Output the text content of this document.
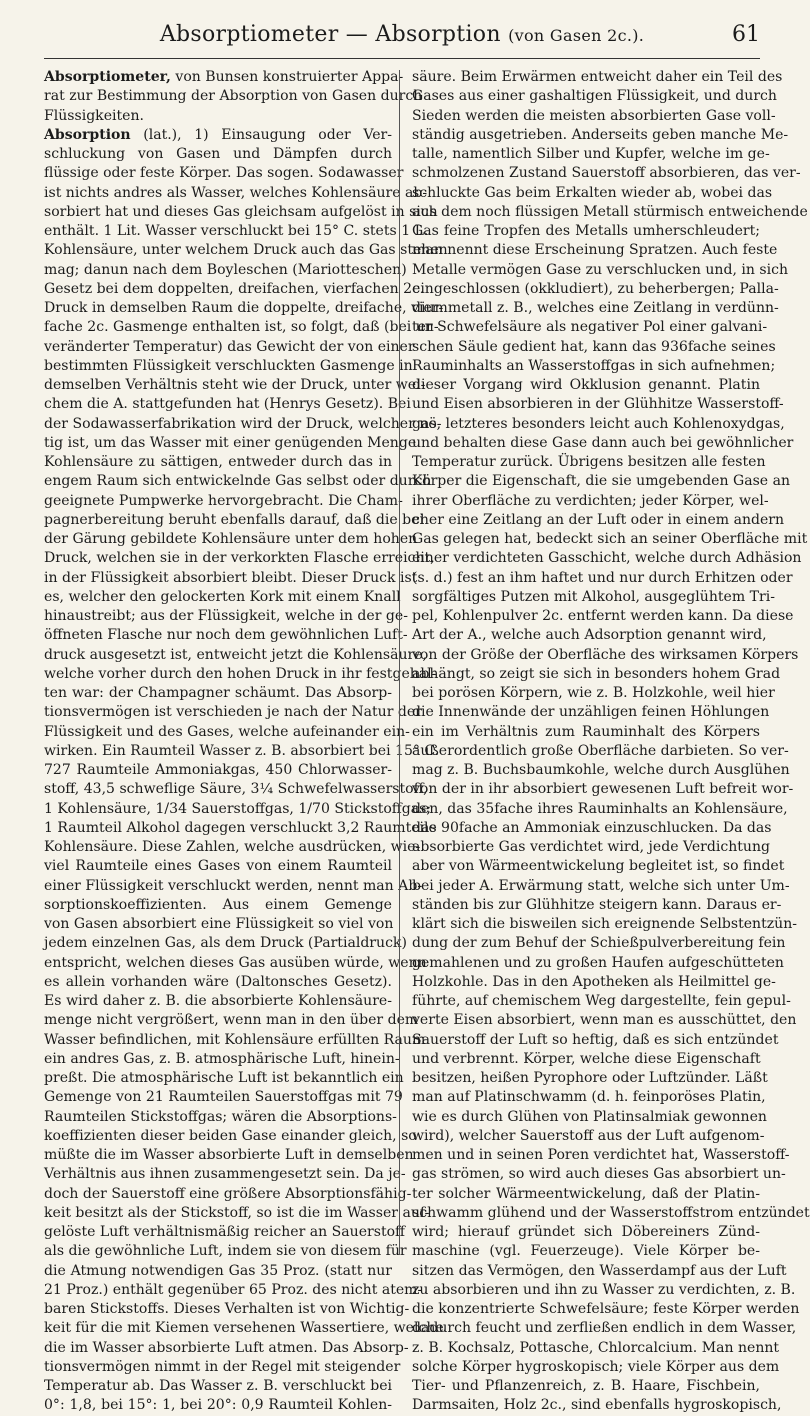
Absorptiometer — Absorption (von Gasen 2c.).	61
Absorptiometer, von Bunsen konstruierter Appa-
rat zur Bestimmung der Absorption von Gasen durch
Flüssigkeiten.
Absorption (lat.), 1) Einsaugung oder Ver-
schluckung von Gasen und Dämpfen durch
flüssige oder feste Körper. Das sogen. Sodawasser
ist nichts andres als Wasser, welches Kohlensäure ab-
sorbiert hat und dieses Gas gleichsam aufgelöst in sich
enthält. 1 Lit. Wasser verschluckt bei 15° C. stets 1 L.
Kohlensäure, unter welchem Druck auch das Gas stehen
mag; danun nach dem Boyleschen (Mariotteschen)
Gesetz bei dem doppelten, dreifachen, vierfachen 2c.
Druck in demselben Raum die doppelte, dreifache, vier-
fache 2c. Gasmenge enthalten ist, so folgt, daß (bei un-
veränderter Temperatur) das Gewicht der von einer
bestimmten Flüssigkeit verschluckten Gasmenge in
demselben Verhältnis steht wie der Druck, unter wel-
chem die A. stattgefunden hat (Henrys Gesetz). Bei
der Sodawasserfabrikation wird der Druck, welcher nö-
tig ist, um das Wasser mit einer genügenden Menge
Kohlensäure zu sättigen, entweder durch das in
engem Raum sich entwickelnde Gas selbst oder durch
geeignete Pumpwerke hervorgebracht. Die Cham-
pagnerbereitung beruht ebenfalls darauf, daß die bei
der Gärung gebildete Kohlensäure unter dem hohen
Druck, welchen sie in der verkorkten Flasche erreicht,
in der Flüssigkeit absorbiert bleibt. Dieser Druck ist
es, welcher den gelockerten Kork mit einem Knall
hinaustreibt; aus der Flüssigkeit, welche in der ge-
öffneten Flasche nur noch dem gewöhnlichen Luft-
druck ausgesetzt ist, entweicht jetzt die Kohlensäure,
welche vorher durch den hohen Druck in ihr festgehal-
ten war: der Champagner schäumt. Das Absorp-
tionsvermögen ist verschieden je nach der Natur der
Flüssigkeit und des Gases, welche aufeinander ein-
wirken. Ein Raumteil Wasser z. B. absorbiert bei 15° C.
727 Raumteile Ammoniakgas, 450 Chlorwasser-
stoff, 43,5 schweflige Säure, 3¼ Schwefelwasserstoff,
1 Kohlensäure, 1/34 Sauerstoffgas, 1/70 Stickstoffgas;
1 Raumteil Alkohol dagegen verschluckt 3,2 Raumteile
Kohlensäure. Diese Zahlen, welche ausdrücken, wie-
viel Raumteile eines Gases von einem Raumteil
einer Flüssigkeit verschluckt werden, nennt man Ab-
sorptionskoeffizienten. Aus einem Gemenge
von Gasen absorbiert eine Flüssigkeit so viel von
jedem einzelnen Gas, als dem Druck (Partialdruck)
entspricht, welchen dieses Gas ausüben würde, wenn
es allein vorhanden wäre (Daltonsches Gesetz).
Es wird daher z. B. die absorbierte Kohlensäure-
menge nicht vergrößert, wenn man in den über dem
Wasser befindlichen, mit Kohlensäure erfüllten Raum
ein andres Gas, z. B. atmosphärische Luft, hinein-
preßt. Die atmosphärische Luft ist bekanntlich ein
Gemenge von 21 Raumteilen Sauerstoffgas mit 79
Raumteilen Stickstoffgas; wären die Absorptions-
koeffizienten dieser beiden Gase einander gleich, so
müßte die im Wasser absorbierte Luft in demselben
Verhältnis aus ihnen zusammengesetzt sein. Da je-
doch der Sauerstoff eine größere Absorptionsfähig-
keit besitzt als der Stickstoff, so ist die im Wasser auf-
gelöste Luft verhältnismäßig reicher an Sauerstoff
als die gewöhnliche Luft, indem sie von diesem für
die Atmung notwendigen Gas 35 Proz. (statt nur
21 Proz.) enthält gegenüber 65 Proz. des nicht atem-
baren Stickstoffs. Dieses Verhalten ist von Wichtig-
keit für die mit Kiemen versehenen Wassertiere, welche
die im Wasser absorbierte Luft atmen. Das Absorp-
tionsvermögen nimmt in der Regel mit steigender
Temperatur ab. Das Wasser z. B. verschluckt bei
0°: 1,8, bei 15°: 1, bei 20°: 0,9 Raumteil Kohlen-
säure. Beim Erwärmen entweicht daher ein Teil des
Gases aus einer gashaltigen Flüssigkeit, und durch
Sieden werden die meisten absorbierten Gase voll-
ständig ausgetrieben. Anderseits geben manche Me-
talle, namentlich Silber und Kupfer, welche im ge-
schmolzenen Zustand Sauerstoff absorbieren, das ver-
schluckte Gas beim Erkalten wieder ab, wobei das
aus dem noch flüssigen Metall stürmisch entweichende
Gas feine Tropfen des Metalls umherschleudert;
man nennt diese Erscheinung Spratzen. Auch feste
Metalle vermögen Gase zu verschlucken und, in sich
eingeschlossen (okkludiert), zu beherbergen; Palla-
diummetall z. B., welches eine Zeitlang in verdünn-
ter Schwefelsäure als negativer Pol einer galvani-
schen Säule gedient hat, kann das 936fache seines
Rauminhalts an Wasserstoffgas in sich aufnehmen;
dieser Vorgang wird Okklusion genannt. Platin
und Eisen absorbieren in der Glühhitze Wasserstoff-
gas, letzteres besonders leicht auch Kohlenoxydgas,
und behalten diese Gase dann auch bei gewöhnlicher
Temperatur zurück. Übrigens besitzen alle festen
Körper die Eigenschaft, die sie umgebenden Gase an
ihrer Oberfläche zu verdichten; jeder Körper, wel-
cher eine Zeitlang an der Luft oder in einem andern
Gas gelegen hat, bedeckt sich an seiner Oberfläche mit
einer verdichteten Gasschicht, welche durch Adhäsion
(s. d.) fest an ihm haftet und nur durch Erhitzen oder
sorgfältiges Putzen mit Alkohol, ausgeglühtem Tri-
pel, Kohlenpulver 2c. entfernt werden kann. Da diese
Art der A., welche auch Adsorption genannt wird,
von der Größe der Oberfläche des wirksamen Körpers
abhängt, so zeigt sie sich in besonders hohem Grad
bei porösen Körpern, wie z. B. Holzkohle, weil hier
die Innenwände der unzähligen feinen Höhlungen
ein im Verhältnis zum Rauminhalt des Körpers
außerordentlich große Oberfläche darbieten. So ver-
mag z. B. Buchsbaumkohle, welche durch Ausglühen
von der in ihr absorbiert gewesenen Luft befreit wor-
den, das 35fache ihres Rauminhalts an Kohlensäure,
das 90fache an Ammoniak einzuschlucken. Da das
absorbierte Gas verdichtet wird, jede Verdichtung
aber von Wärmeentwickelung begleitet ist, so findet
bei jeder A. Erwärmung statt, welche sich unter Um-
ständen bis zur Glühhitze steigern kann. Daraus er-
klärt sich die bisweilen sich ereignende Selbstentzün-
dung der zum Behuf der Schießpulverbereitung fein
gemahlenen und zu großen Haufen aufgeschütteten
Holzkohle. Das in den Apotheken als Heilmittel ge-
führte, auf chemischem Weg dargestellte, fein gepul-
verte Eisen absorbiert, wenn man es ausschüttet, den
Sauerstoff der Luft so heftig, daß es sich entzündet
und verbrennt. Körper, welche diese Eigenschaft
besitzen, heißen Pyrophore oder Luftzünder. Läßt
man auf Platinschwamm (d. h. feinporöses Platin,
wie es durch Glühen von Platinsalmiak gewonnen
wird), welcher Sauerstoff aus der Luft aufgenom-
men und in seinen Poren verdichtet hat, Wasserstoff-
gas strömen, so wird auch dieses Gas absorbiert un-
ter solcher Wärmeentwickelung, daß der Platin-
schwamm glühend und der Wasserstoffstrom entzündet
wird; hierauf gründet sich Döbereiners Zünd-
maschine (vgl. Feuerzeuge). Viele Körper be-
sitzen das Vermögen, den Wasserdampf aus der Luft
zu absorbieren und ihn zu Wasser zu verdichten, z. B.
die konzentrierte Schwefelsäure; feste Körper werden
dadurch feucht und zerfließen endlich in dem Wasser,
z. B. Kochsalz, Pottasche, Chlorcalcium. Man nennt
solche Körper hygroskopisch; viele Körper aus dem
Tier- und Pflanzenreich, z. B. Haare, Fischbein,
Darmsaiten, Holz 2c., sind ebenfalls hygroskopisch,
